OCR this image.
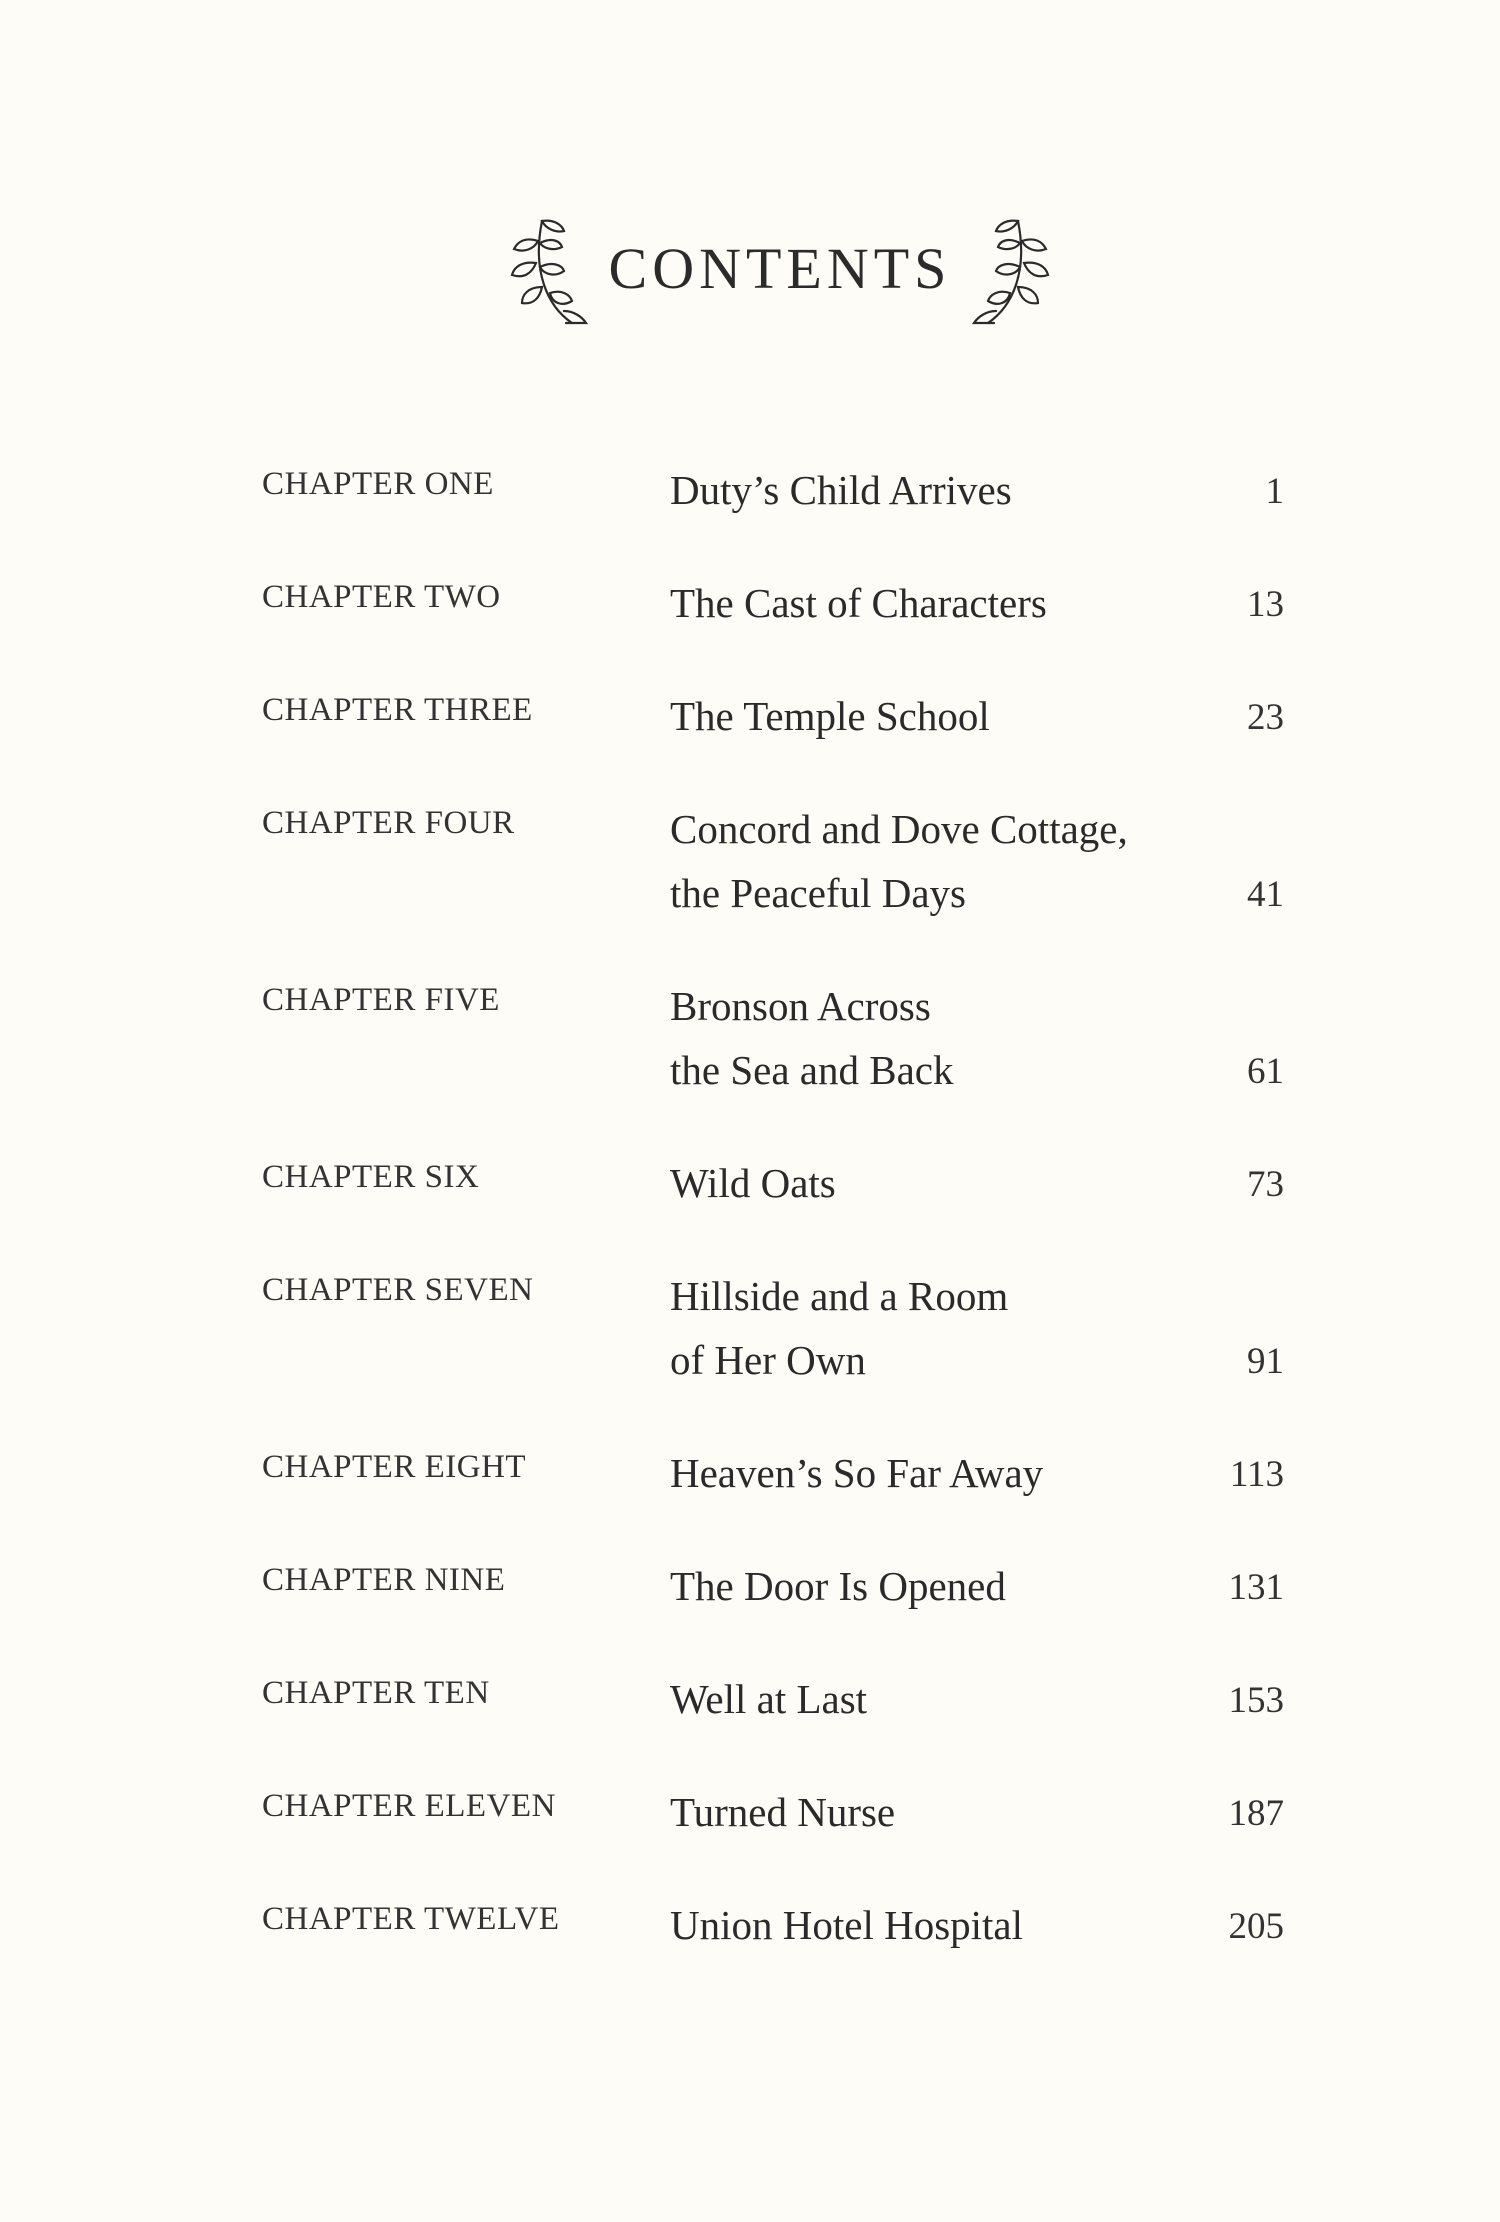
CONTENTS
CHAPTER ONE	Duty’s Child Arrives	1
CHAPTER TWO	The Cast of Characters	13
CHAPTER THREE	The Temple School	23
CHAPTER FOUR	Concord and Dove Cottage,
the Peaceful Days	41
CHAPTER FIVE	Bronson Across
the Sea and Back	61
CHAPTER SIX	Wild Oats	73
CHAPTER SEVEN	Hillside and a Room
of Her Own	91
CHAPTER EIGHT	Heaven’s So Far Away	113
CHAPTER NINE	The Door Is Opened	131
CHAPTER TEN	Well at Last	153
CHAPTER ELEVEN	Turned Nurse	187
CHAPTER TWELVE	Union Hotel Hospital	205
